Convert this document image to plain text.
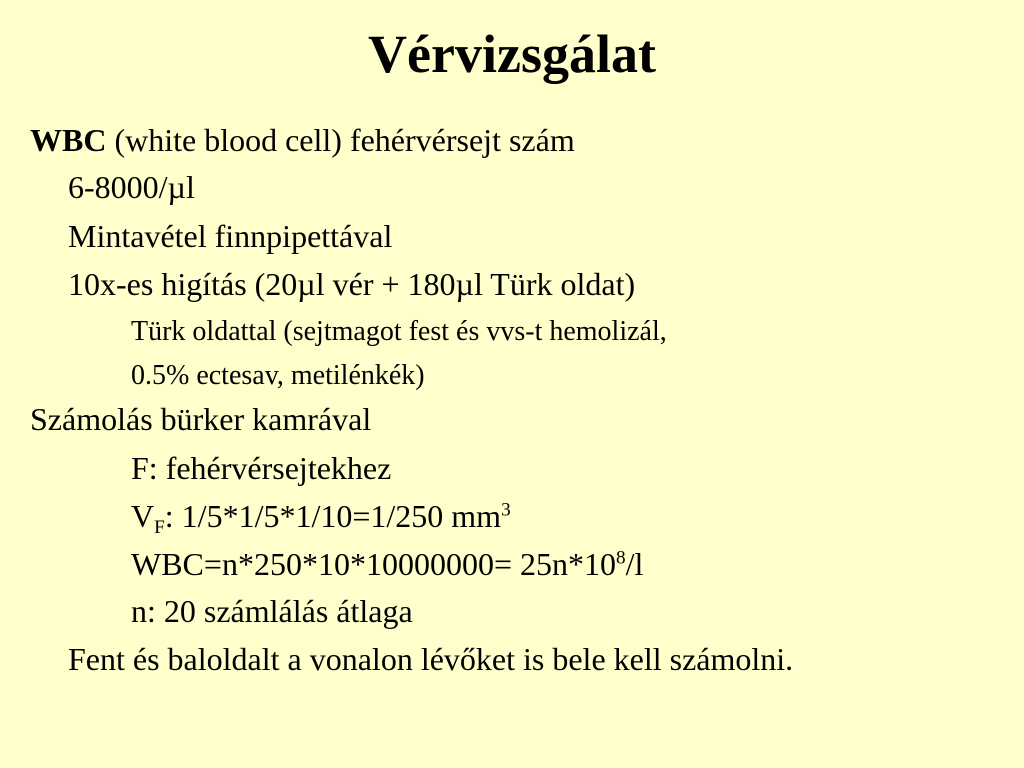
Vérvizsgálat

WBC (white blood cell) fehérvérsejt szám

6-8000/µl

Mintavétel finnpipettával

10x-es higítás (20µl vér + 180µl Türk oldat)

Türk oldattal (sejtmagot fest és vvs-t hemolizál,

0.5% ectesav, metilénkék)

Számolás bürker kamrával

F: fehérvérsejtekhez

$V_F$: 1/5*1/5*1/10=1/250 $mm^3$

$WBC=n*250*10*10000000= 25n*10^8/l$

n: 20 számlálás átlaga

Fent és baloldalt a vonalon lévőket is bele kell számolni.
